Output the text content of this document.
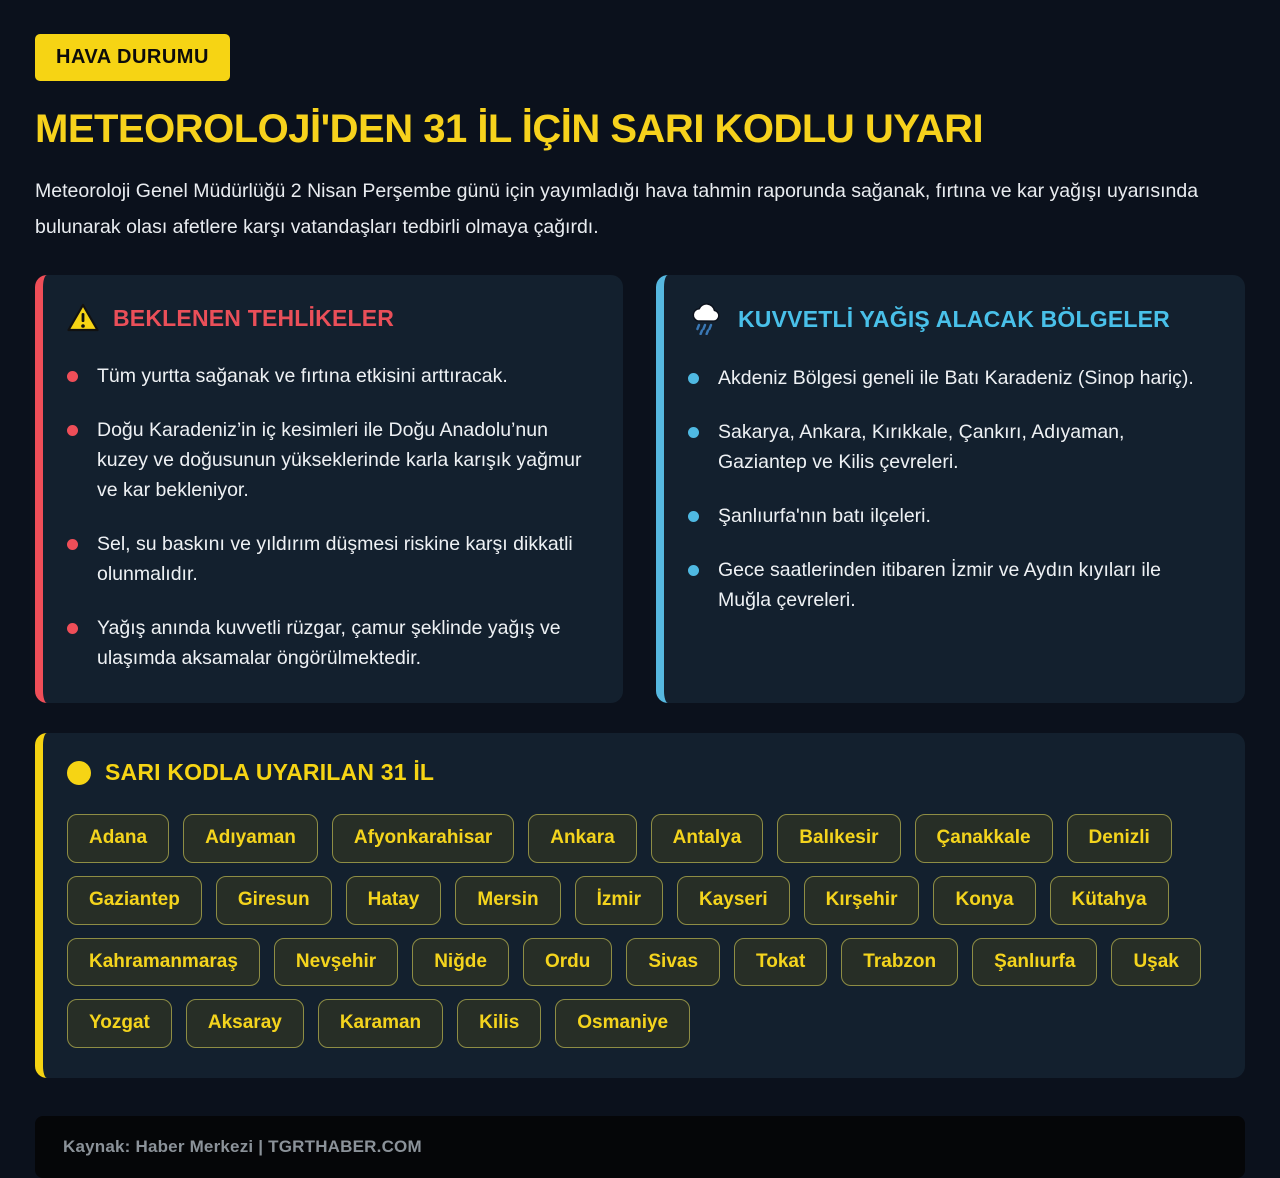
HAVA DURUMU
METEOROLOJİ'DEN 31 İL İÇİN SARI KODLU UYARI

Meteoroloji Genel Müdürlüğü 2 Nisan Perşembe günü için yayımladığı hava tahmin raporunda sağanak, fırtına ve kar yağışı uyarısında bulunarak olası afetlere karşı vatandaşları tedbirli olmaya çağırdı.

BEKLENEN TEHLİKELER
Tüm yurtta sağanak ve fırtına etkisini arttıracak.
Doğu Karadeniz’in iç kesimleri ile Doğu Anadolu’nun kuzey ve doğusunun yükseklerinde karla karışık yağmur ve kar bekleniyor.
Sel, su baskını ve yıldırım düşmesi riskine karşı dikkatli olunmalıdır.
Yağış anında kuvvetli rüzgar, çamur şeklinde yağış ve ulaşımda aksamalar öngörülmektedir.
KUVVETLİ YAĞIŞ ALACAK BÖLGELER
Akdeniz Bölgesi geneli ile Batı Karadeniz (Sinop hariç).
Sakarya, Ankara, Kırıkkale, Çankırı, Adıyaman, Gaziantep ve Kilis çevreleri.
Şanlıurfa'nın batı ilçeleri.
Gece saatlerinden itibaren İzmir ve Aydın kıyıları ile Muğla çevreleri.
SARI KODLA UYARILAN 31 İL
Adana	Adıyaman	Afyonkarahisar	Ankara	Antalya	Balıkesir	Çanakkale	Denizli
Gaziantep	Giresun	Hatay	Mersin	İzmir	Kayseri	Kırşehir	Konya	Kütahya
Kahramanmaraş	Nevşehir	Niğde	Ordu	Sivas	Tokat	Trabzon	Şanlıurfa	Uşak
Yozgat	Aksaray	Karaman	Kilis	Osmaniye
Kaynak: Haber Merkezi | TGRTHABER.COM
